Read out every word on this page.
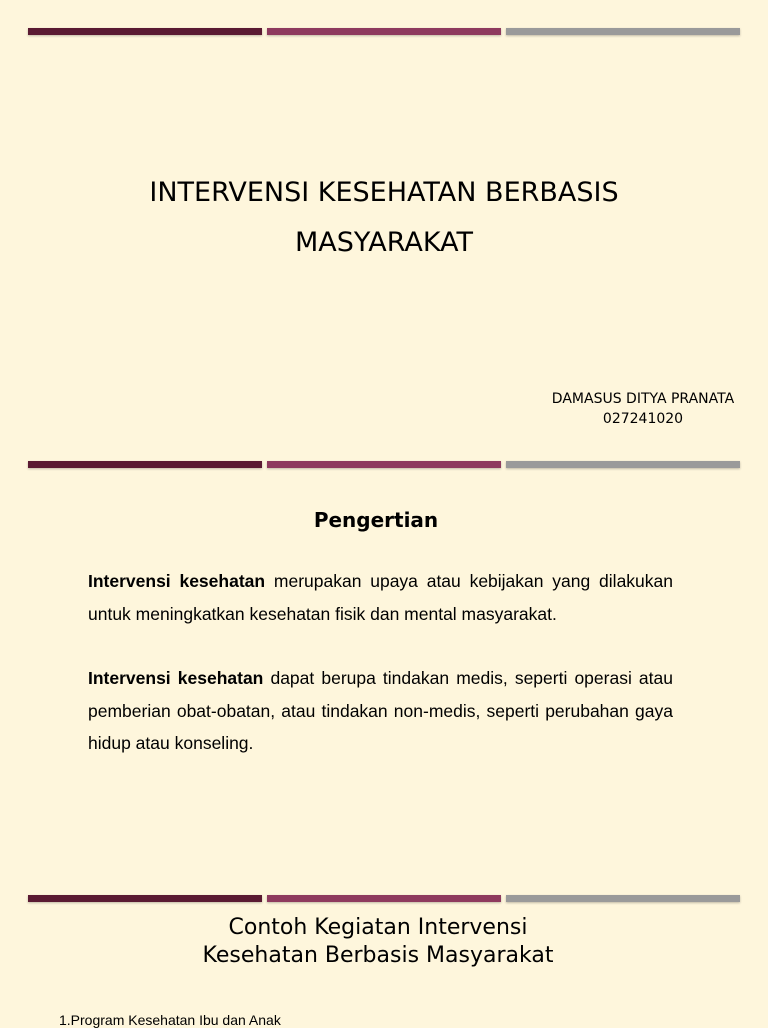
INTERVENSI KESEHATAN BERBASIS
MASYARAKAT
DAMASUS DITYA PRANATA
027241020
Pengertian

Intervensi kesehatan merupakan upaya atau kebijakan yang dilakukan untuk meningkatkan kesehatan fisik dan mental masyarakat.

Intervensi kesehatan dapat berupa tindakan medis, seperti operasi atau pemberian obat-obatan, atau tindakan non-medis, seperti perubahan gaya hidup atau konseling.

Contoh Kegiatan Intervensi
Kesehatan Berbasis Masyarakat
1.Program Kesehatan Ibu dan Anak
